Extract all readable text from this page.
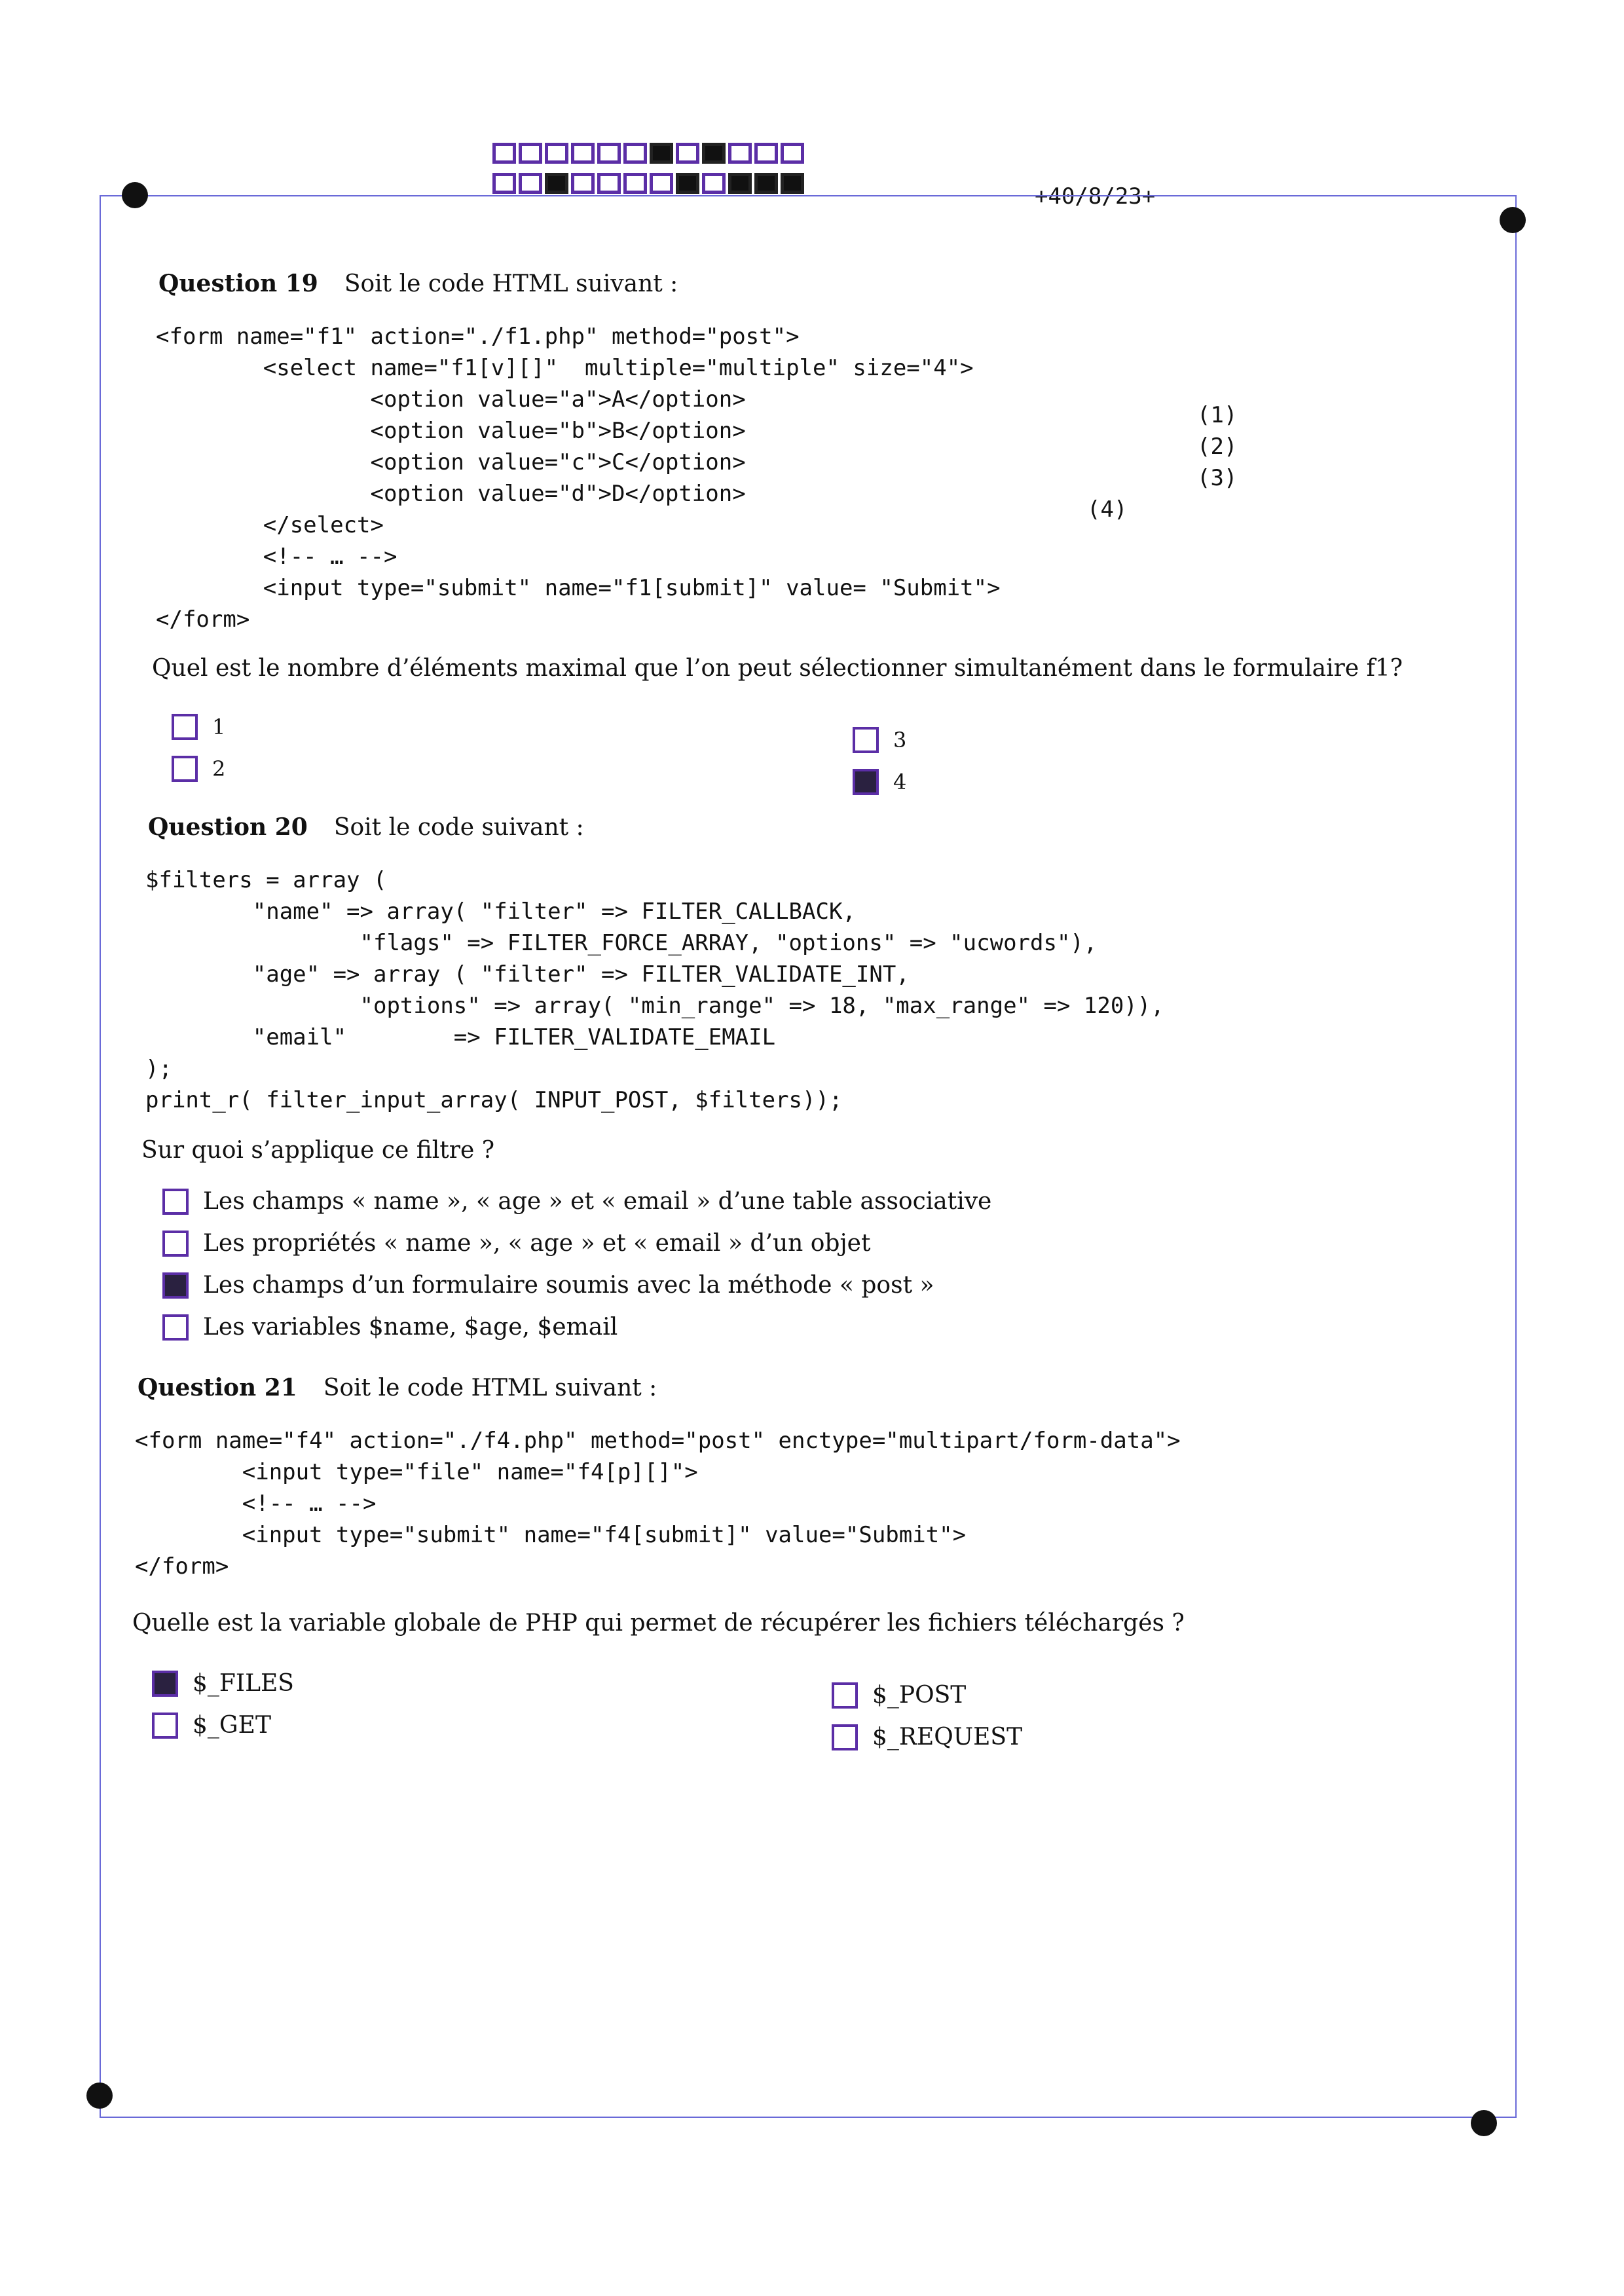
+40/8/23+
Question 19 Soit le code HTML suivant :
<form name="f1" action="./f1.php" method="post">
<select name="f1[v][]"  multiple="multiple" size="4">
<option value="a">A</option>
<option value="b">B</option>
<option value="c">C</option>
<option value="d">D</option>
</select>
<!-- … -->
<input type="submit" name="f1[submit]" value= "Submit">
</form>
(1)
(2)
(3)
(4)
Quel est le nombre d’éléments maximal que l’on peut sélectionner simultanément dans le formulaire f1?
1
2
3
4
Question 20 Soit le code suivant :
$filters = array (
"name" => array( "filter" => FILTER_CALLBACK,
"flags" => FILTER_FORCE_ARRAY, "options" => "ucwords"),
"age" => array ( "filter" => FILTER_VALIDATE_INT,
"options" => array( "min_range" => 18, "max_range" => 120)),
"email"        => FILTER_VALIDATE_EMAIL
);
print_r( filter_input_array( INPUT_POST, $filters));
Sur quoi s’applique ce filtre ?
Les champs « name », « age » et « email » d’une table associative
Les propriétés « name », « age » et « email » d’un objet
Les champs d’un formulaire soumis avec la méthode « post »
Les variables $name, $age, $email
Question 21 Soit le code HTML suivant :
<form name="f4" action="./f4.php" method="post" enctype="multipart/form-data">
<input type="file" name="f4[p][]">
<!-- … -->
<input type="submit" name="f4[submit]" value="Submit">
</form>
Quelle est la variable globale de PHP qui permet de récupérer les fichiers téléchargés ?
$_FILES
$_GET
$_POST
$_REQUEST
